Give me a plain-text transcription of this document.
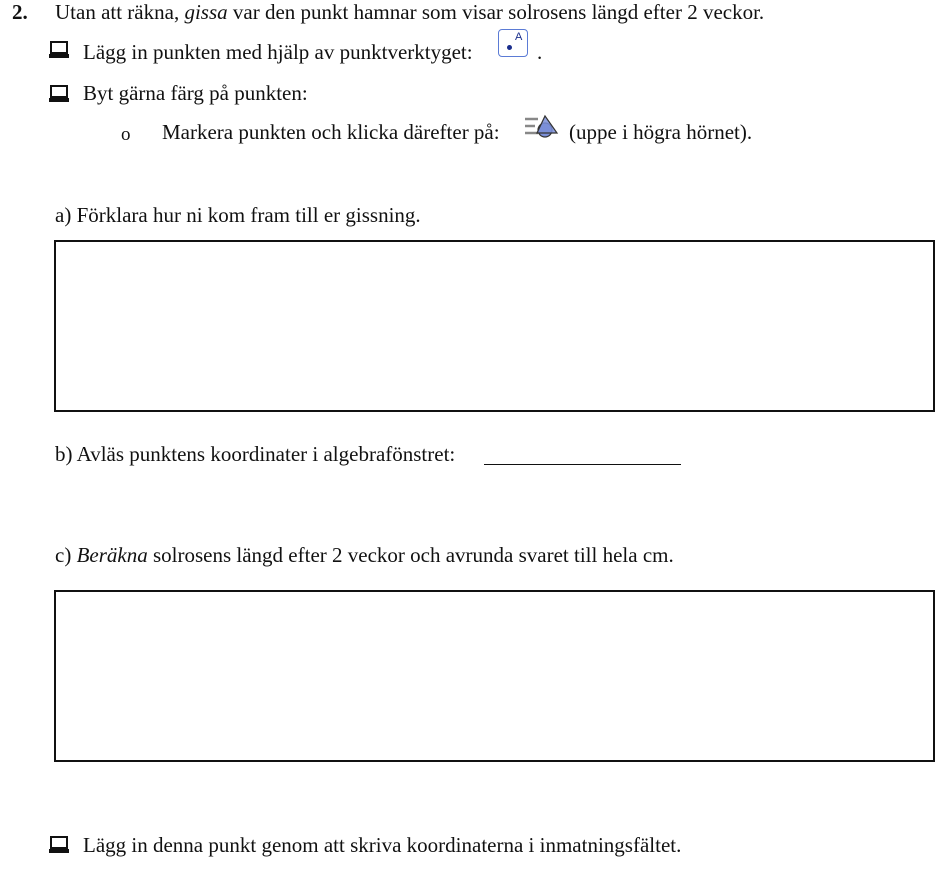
2. Utan att räkna, gissa var den punkt hamnar som visar solrosens längd efter 2 veckor.
Lägg in punkten med hjälp av punktverktyget:
A
.
Byt gärna färg på punkten:
o Markera punkten och klicka därefter på:	(uppe i högra hörnet).
a) Förklara hur ni kom fram till er gissning.
b) Avläs punktens koordinater i algebrafönstret:
c) Beräkna solrosens längd efter 2 veckor och avrunda svaret till hela cm.
Lägg in denna punkt genom att skriva koordinaterna i inmatningsfältet.
